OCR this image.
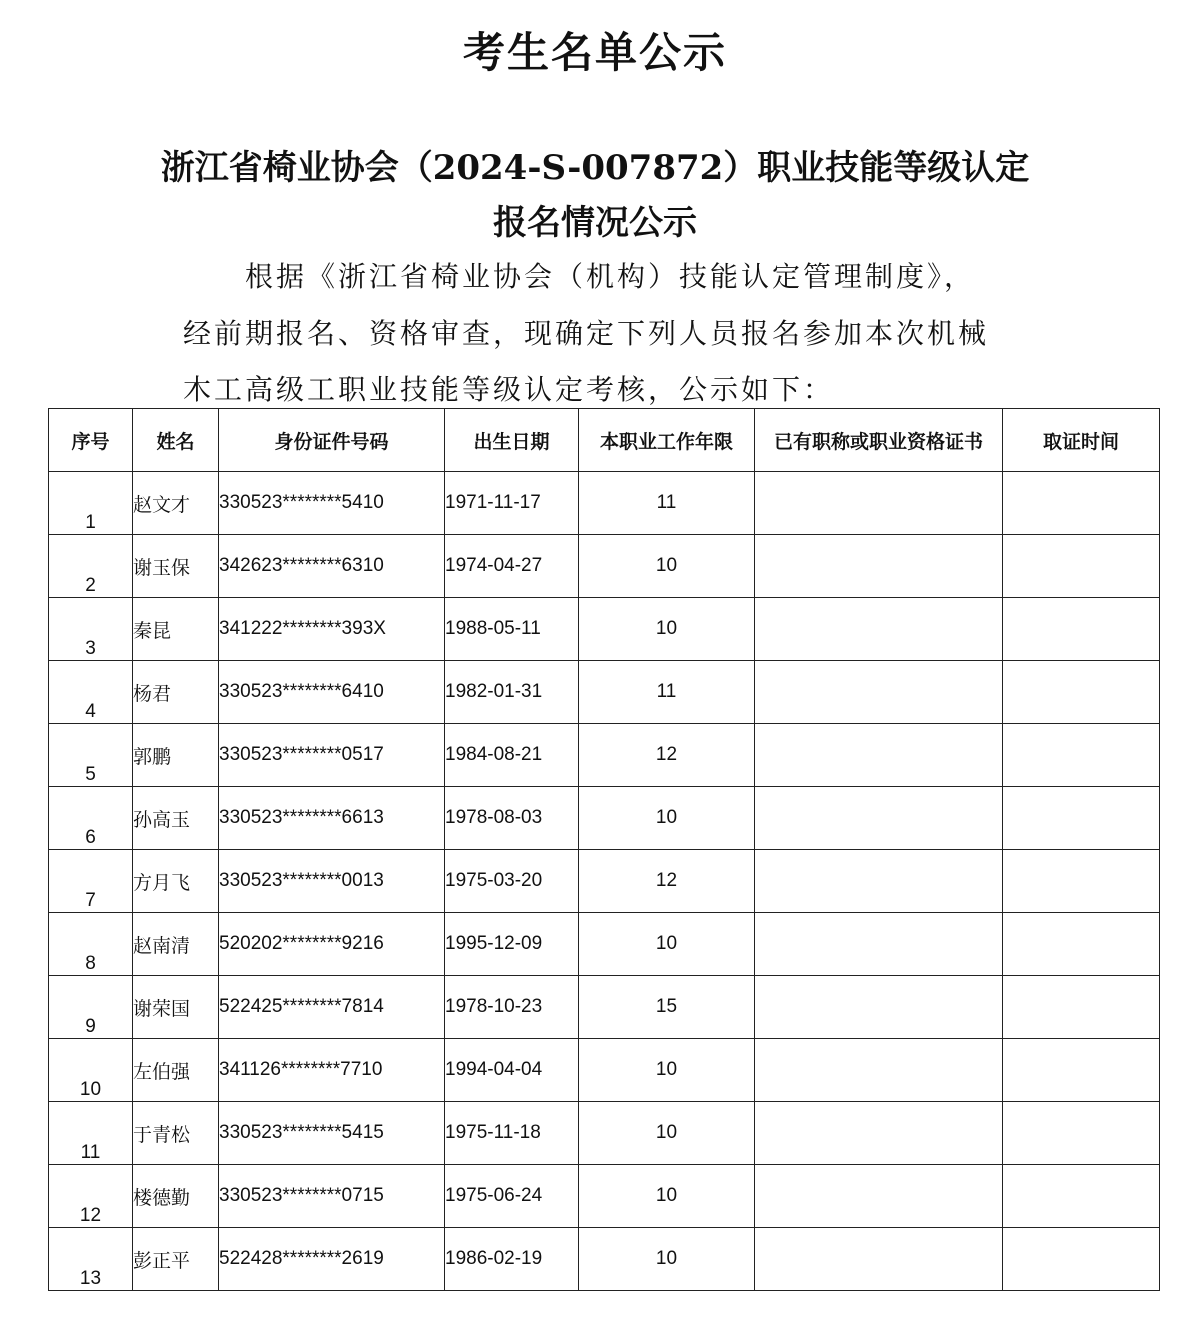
考生名单公示
浙江省椅业协会（2024-S-007872）职业技能等级认定
报名情况公示
根据《浙江省椅业协会（机构）技能认定管理制度》，
经前期报名、资格审查，现确定下列人员报名参加本次机械
木工高级工职业技能等级认定考核，公示如下：
序号	姓名	身份证件号码	出生日期	本职业工作年限	已有职称或职业资格证书	取证时间
1	赵文才	330523********5410	1971-11-17	11		
2	谢玉保	342623********6310	1974-04-27	10		
3	秦昆	341222********393X	1988-05-11	10		
4	杨君	330523********6410	1982-01-31	11		
5	郭鹏	330523********0517	1984-08-21	12		
6	孙高玉	330523********6613	1978-08-03	10		
7	方月飞	330523********0013	1975-03-20	12		
8	赵南清	520202********9216	1995-12-09	10		
9	谢荣国	522425********7814	1978-10-23	15		
10	左伯强	341126********7710	1994-04-04	10		
11	于青松	330523********5415	1975-11-18	10		
12	楼德勤	330523********0715	1975-06-24	10		
13	彭正平	522428********2619	1986-02-19	10		
